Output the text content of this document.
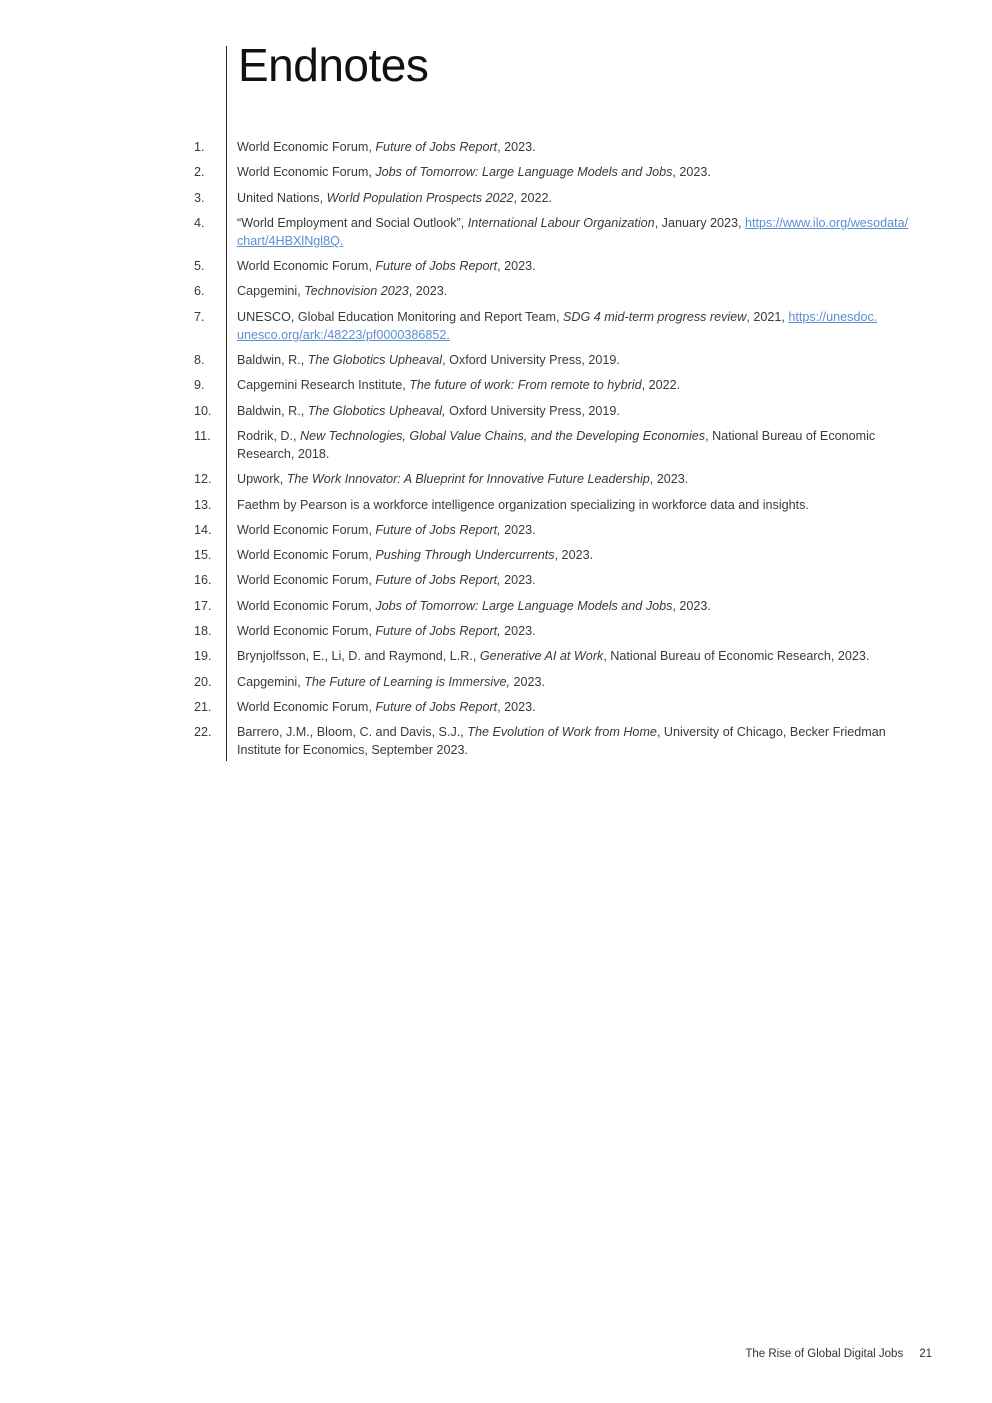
Endnotes
1.	World Economic Forum, Future of Jobs Report, 2023.
2.	World Economic Forum, Jobs of Tomorrow: Large Language Models and Jobs, 2023.
3.	United Nations, World Population Prospects 2022, 2022.
4.	“World Employment and Social Outlook”, International Labour Organization, January 2023, https://www.ilo.org/wesodata/
chart/4HBXlNgl8Q.
5.	World Economic Forum, Future of Jobs Report, 2023.
6.	Capgemini, Technovision 2023, 2023.
7.	UNESCO, Global Education Monitoring and Report Team, SDG 4 mid-term progress review, 2021, https://unesdoc.
unesco.org/ark:/48223/pf0000386852.
8.	Baldwin, R., The Globotics Upheaval, Oxford University Press, 2019.
9.	Capgemini Research Institute, The future of work: From remote to hybrid, 2022.
10.	Baldwin, R., The Globotics Upheaval, Oxford University Press, 2019.
11.	Rodrik, D., New Technologies, Global Value Chains, and the Developing Economies, National Bureau of Economic Research, 2018.
12.	Upwork, The Work Innovator: A Blueprint for Innovative Future Leadership, 2023.
13.	Faethm by Pearson is a workforce intelligence organization specializing in workforce data and insights.
14.	World Economic Forum, Future of Jobs Report, 2023.
15.	World Economic Forum, Pushing Through Undercurrents, 2023.
16.	World Economic Forum, Future of Jobs Report, 2023.
17.	World Economic Forum, Jobs of Tomorrow: Large Language Models and Jobs, 2023.
18.	World Economic Forum, Future of Jobs Report, 2023.
19.	Brynjolfsson, E., Li, D. and Raymond, L.R., Generative AI at Work, National Bureau of Economic Research, 2023.
20.	Capgemini, The Future of Learning is Immersive, 2023.
21.	World Economic Forum, Future of Jobs Report, 2023.
22.	Barrero, J.M., Bloom, C. and Davis, S.J., The Evolution of Work from Home, University of Chicago, Becker Friedman Institute for Economics, September 2023.
The Rise of Global Digital Jobs 21
